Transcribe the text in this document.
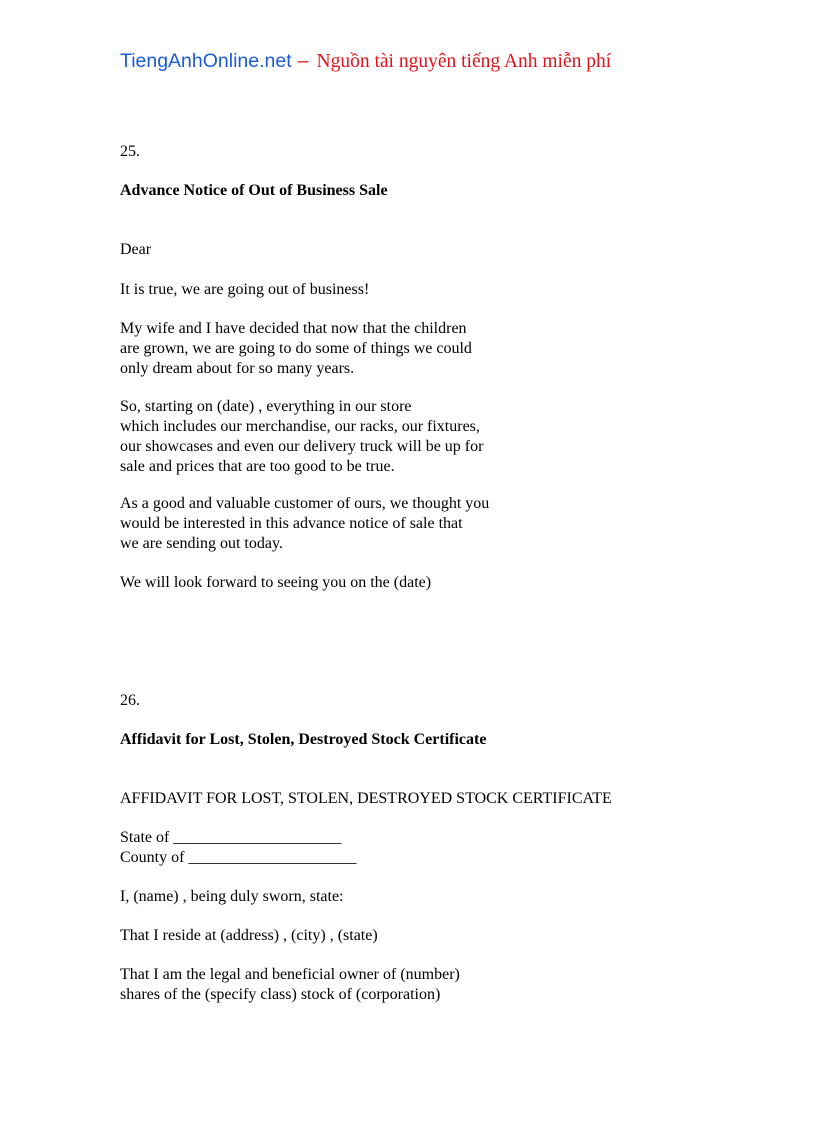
TiengAnhOnline.net – Nguồn tài nguyên tiếng Anh miễn phí
25.
Advance Notice of Out of Business Sale
Dear
It is true, we are going out of business!
My wife and I have decided that now that the children
are grown, we are going to do some of things we could
only dream about for so many years.
So, starting on (date) , everything in our store
which includes our merchandise, our racks, our fixtures,
our showcases and even our delivery truck will be up for
sale and prices that are too good to be true.
As a good and valuable customer of ours, we thought you
would be interested in this advance notice of sale that
we are sending out today.
We will look forward to seeing you on the (date)
26.
Affidavit for Lost, Stolen, Destroyed Stock Certificate
AFFIDAVIT FOR LOST, STOLEN, DESTROYED STOCK CERTIFICATE
State of _____________________
County of _____________________
I, (name) , being duly sworn, state:
That I reside at (address) , (city) , (state)
That I am the legal and beneficial owner of (number)
shares of the (specify class) stock of (corporation)
